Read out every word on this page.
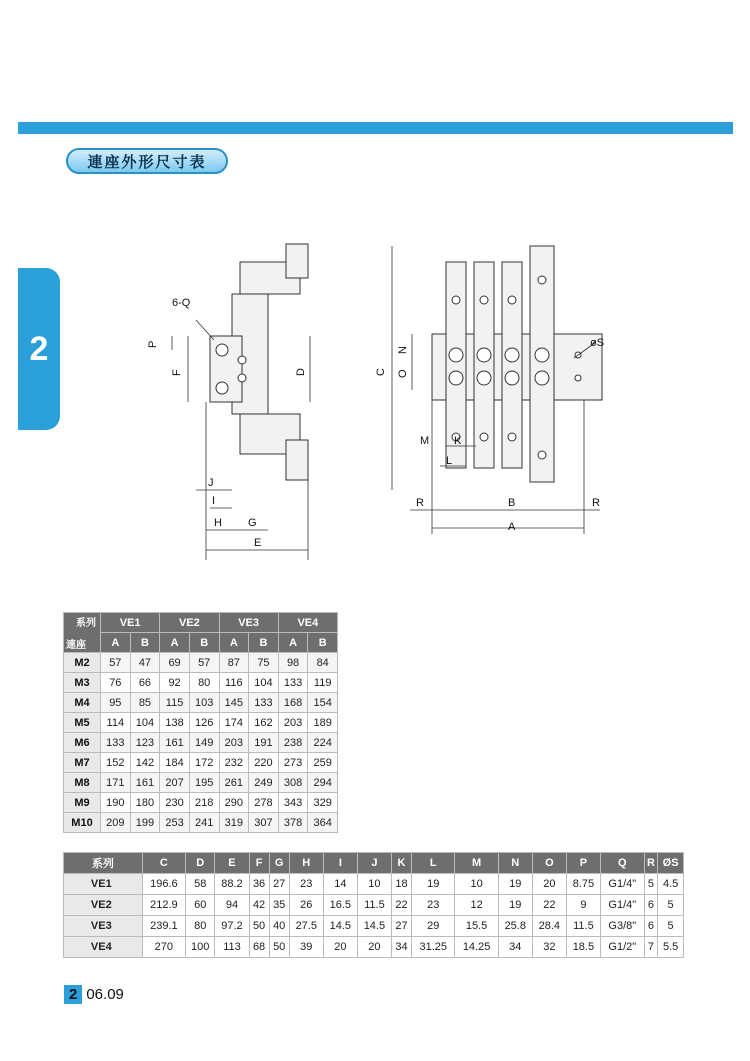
連座外形尺寸表
2
6-Q
P
F	D
J
I
H G
E
C
N
O
øS
M K
L
R	B	R
A
系列
連座	VE1		VE2		VE3		VE4	
	A	B	A	B	A	B	A	B
M2	57	47	69	57	87	75	98	84
M3	76	66	92	80	116	104	133	119
M4	95	85	115	103	145	133	168	154
M5	114	104	138	126	174	162	203	189
M6	133	123	161	149	203	191	238	224
M7	152	142	184	172	232	220	273	259
M8	171	161	207	195	261	249	308	294
M9	190	180	230	218	290	278	343	329
M10	209	199	253	241	319	307	378	364
系列	C	D	E	F	G	H	I	J	K	L	M	N	O	P	Q	R	ØS
VE1	196.6	58	88.2	36	27	23	14	10	18	19	10	19	20	8.75	G1/4"	5	4.5
VE2	212.9	60	94	42	35	26	16.5	11.5	22	23	12	19	22	9	G1/4"	6	5
VE3	239.1	80	97.2	50	40	27.5	14.5	14.5	27	29	15.5	25.8	28.4	11.5	G3/8"	6	5
VE4	270	100	113	68	50	39	20	20	34	31.25	14.25	34	32	18.5	G1/2"	7	5.5
2 06.09
